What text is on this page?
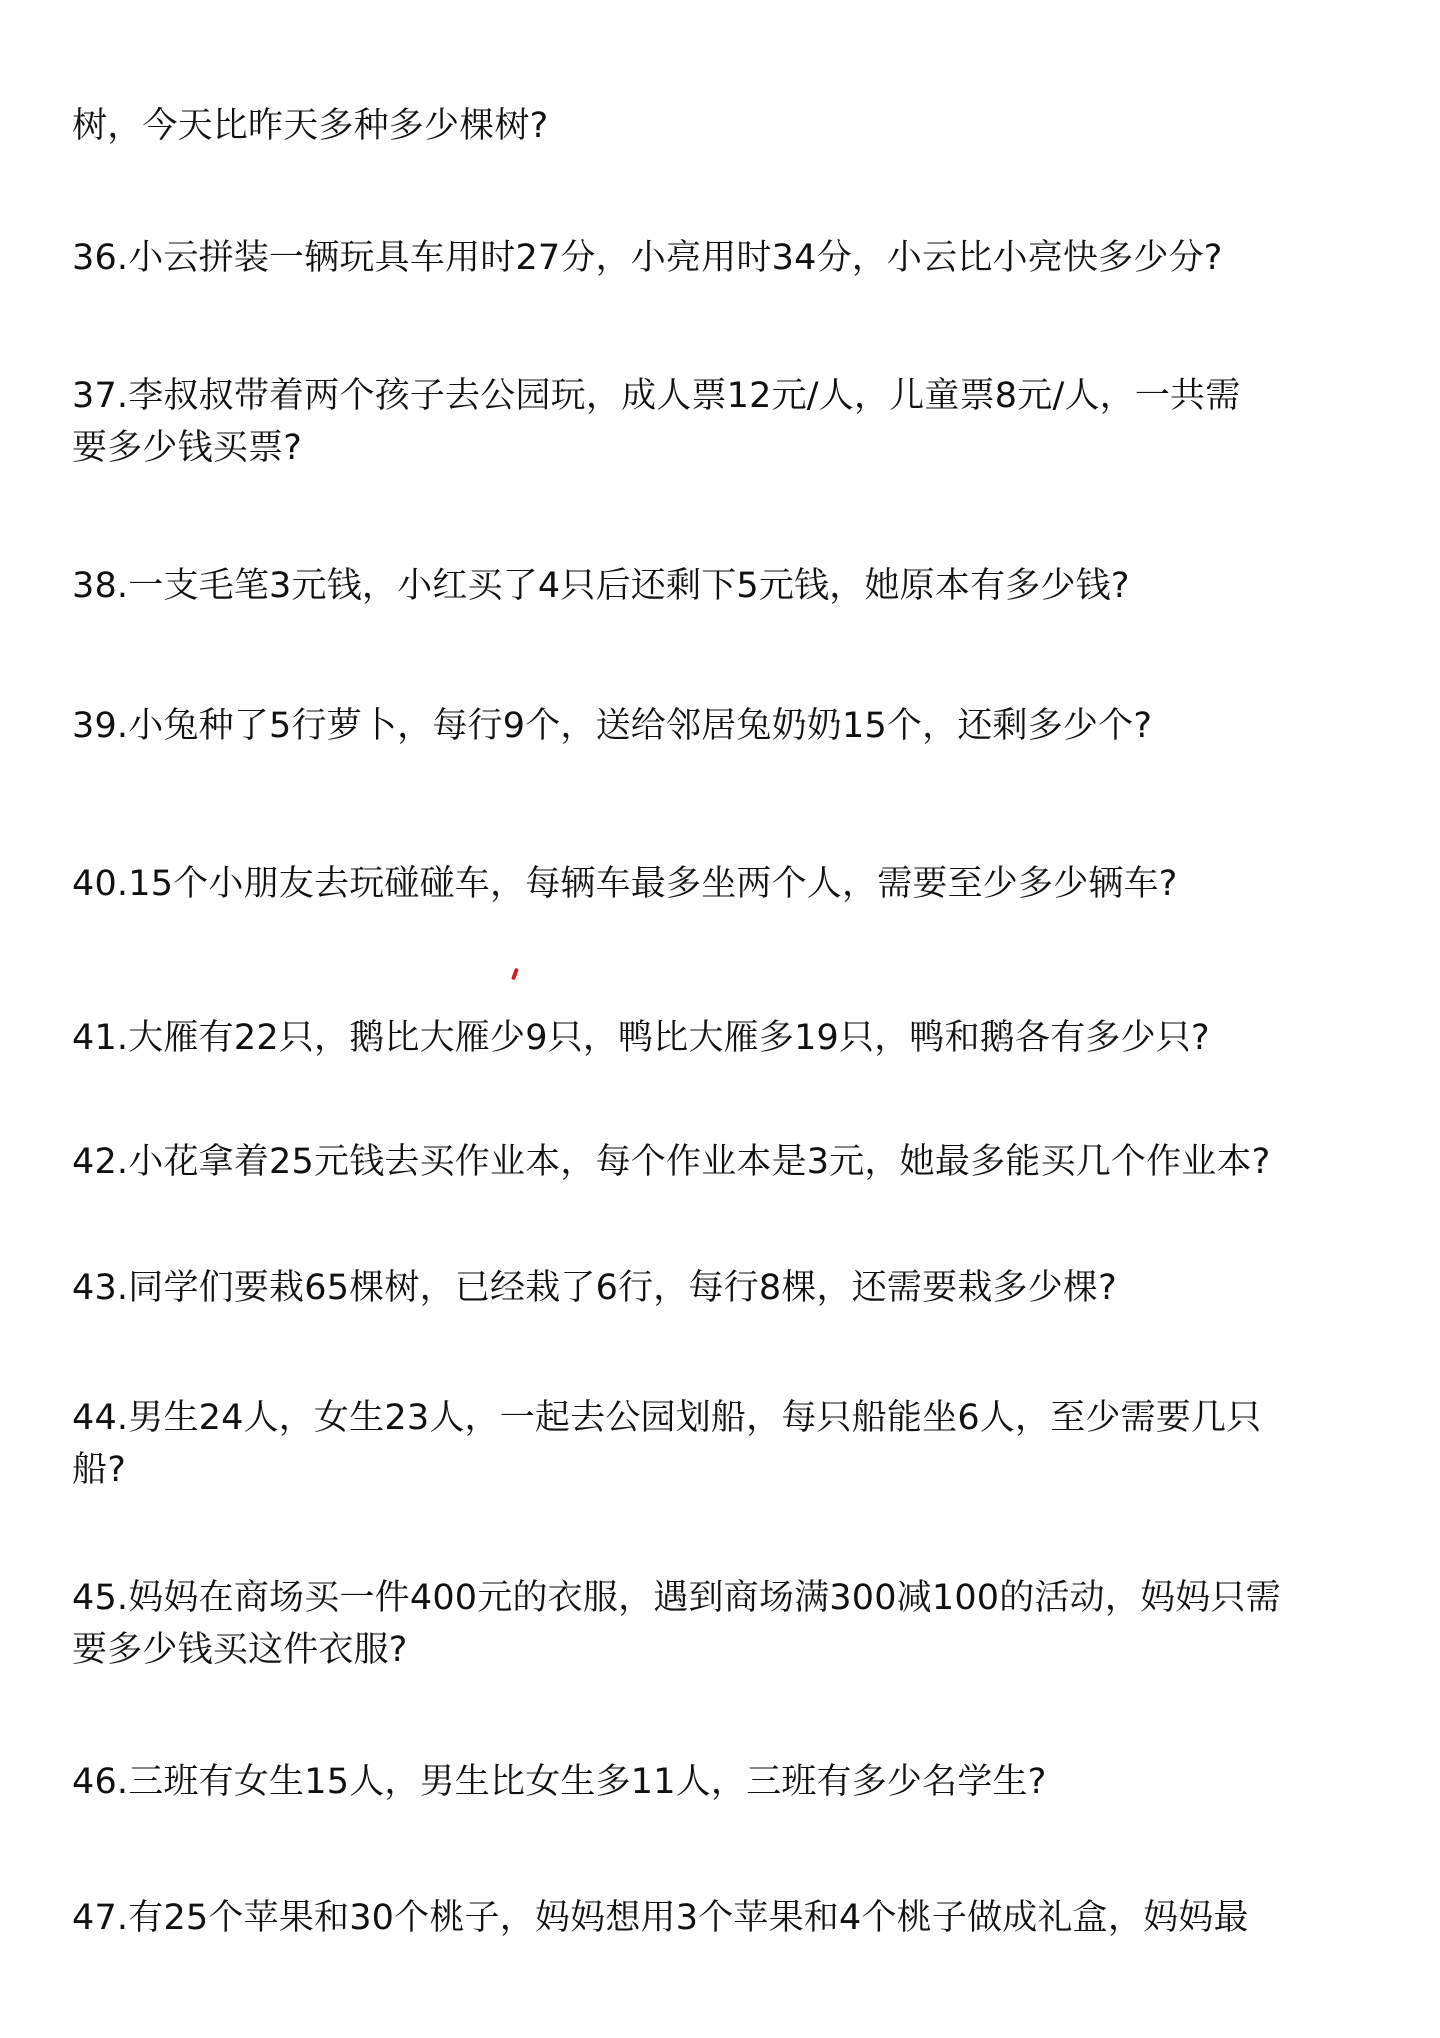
树，今天比昨天多种多少棵树?
36.小云拼装一辆玩具车用时27分，小亮用时34分，小云比小亮快多少分?
37.李叔叔带着两个孩子去公园玩，成人票12元/人，儿童票8元/人，一共需
要多少钱买票?
38.一支毛笔3元钱，小红买了4只后还剩下5元钱，她原本有多少钱?
39.小兔种了5行萝卜，每行9个，送给邻居兔奶奶15个，还剩多少个?
40.15个小朋友去玩碰碰车，每辆车最多坐两个人，需要至少多少辆车?
41.大雁有22只，鹅比大雁少9只，鸭比大雁多19只，鸭和鹅各有多少只?
42.小花拿着25元钱去买作业本，每个作业本是3元，她最多能买几个作业本?
43.同学们要栽65棵树，已经栽了6行，每行8棵，还需要栽多少棵?
44.男生24人，女生23人，一起去公园划船，每只船能坐6人，至少需要几只
船?
45.妈妈在商场买一件400元的衣服，遇到商场满300减100的活动，妈妈只需
要多少钱买这件衣服?
46.三班有女生15人，男生比女生多11人，三班有多少名学生?
47.有25个苹果和30个桃子，妈妈想用3个苹果和4个桃子做成礼盒，妈妈最
